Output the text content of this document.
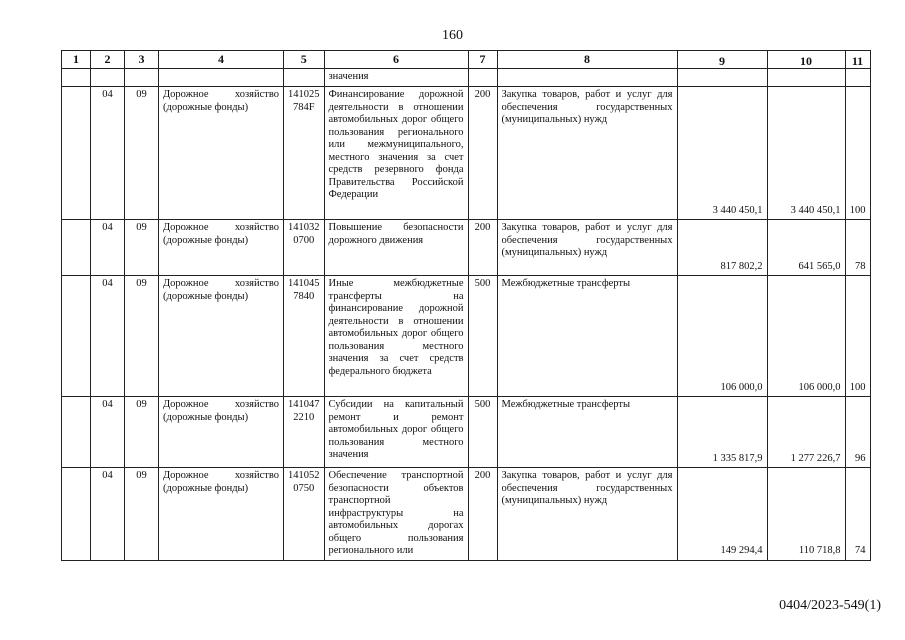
160
1	2	3	4	5	6	7	8	9	10	11
					значения					
	04	09	Дорожное хозяйство (дорожные фонды)	141025 784F	Финансирование дорожной деятельности в отношении автомобильных дорог общего пользования регионального или межмуниципального, местного значения за счет средств резервного фонда Правительства Российской Федерации	200	Закупка товаров, работ и услуг для обеспечения государственных (муниципальных) нужд	3 440 450,1	3 440 450,1	100
	04	09	Дорожное хозяйство (дорожные фонды)	141032 0700	Повышение безопасности дорожного движения	200	Закупка товаров, работ и услуг для обеспечения государственных (муниципальных) нужд	817 802,2	641 565,0	78
	04	09	Дорожное хозяйство (дорожные фонды)	141045 7840	Иные межбюджетные трансферты на финансирование дорожной деятельности в отношении автомобильных дорог общего пользования местного значения за счет средств федерального бюджета	500	Межбюджетные трансферты	106 000,0	106 000,0	100
	04	09	Дорожное хозяйство (дорожные фонды)	141047 2210	Субсидии на капитальный ремонт и ремонт автомобильных дорог общего пользования местного значения	500	Межбюджетные трансферты	1 335 817,9	1 277 226,7	96
	04	09	Дорожное хозяйство (дорожные фонды)	141052 0750	Обеспечение транспортной безопасности объектов транспортной инфраструктуры на автомобильных дорогах общего пользования регионального или	200	Закупка товаров, работ и услуг для обеспечения государственных (муниципальных) нужд	149 294,4	110 718,8	74
0404/2023-549(1)
